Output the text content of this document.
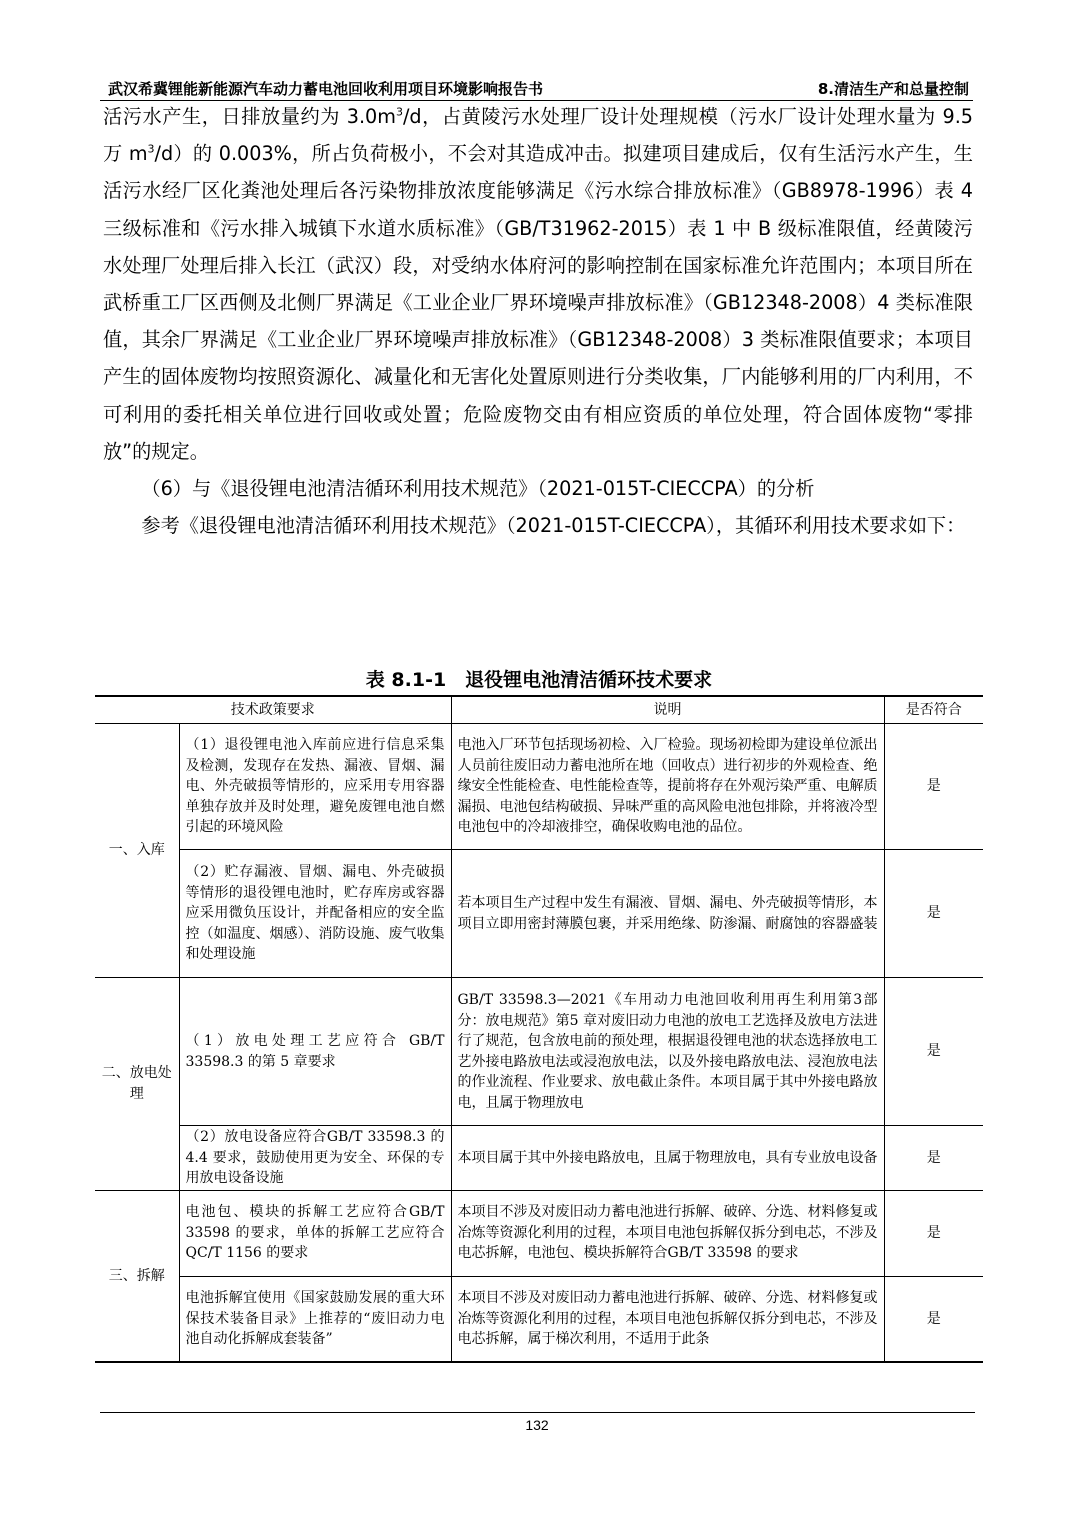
武汉希冀锂能新能源汽车动力蓄电池回收利用项目环境影响报告书	8.清洁生产和总量控制

活污水产生，日排放量约为 $3.0m^3/d$，占黄陵污水处理厂设计处理规模（污水厂设计处理水量为 9.5 万 $m^3/d$）的 0.003%，所占负荷极小，不会对其造成冲击。拟建项目建成后，仅有生活污水产生，生活污水经厂区化粪池处理后各污染物排放浓度能够满足《污水综合排放标准》（GB8978-1996）表 4 三级标准和《污水排入城镇下水道水质标准》（GB/T31962-2015）表 1 中 B 级标准限值，经黄陵污水处理厂处理后排入长江（武汉）段，对受纳水体府河的影响控制在国家标准允许范围内；本项目所在武桥重工厂区西侧及北侧厂界满足《工业企业厂界环境噪声排放标准》（GB12348-2008）4 类标准限值，其余厂界满足《工业企业厂界环境噪声排放标准》（GB12348-2008）3 类标准限值要求；本项目产生的固体废物均按照资源化、减量化和无害化处置原则进行分类收集，厂内能够利用的厂内利用，不可利用的委托相关单位进行回收或处置；危险废物交由有相应资质的单位处理，符合固体废物“零排放”的规定。

（6）与《退役锂电池清洁循环利用技术规范》（2021-015T-CIECCPA）的分析

参考《退役锂电池清洁循环利用技术规范》（2021-015T-CIECCPA），其循环利用技术要求如下：

表 8.1-1　退役锂电池清洁循环技术要求
技术政策要求		说明	是否符合
一、入库	（1）退役锂电池入库前应进行信息采集及检测，发现存在发热、漏液、冒烟、漏电、外壳破损等情形的，应采用专用容器单独存放并及时处理，避免废锂电池自燃引起的环境风险	电池入厂环节包括现场初检、入厂检验。现场初检即为建设单位派出人员前往废旧动力蓄电池所在地（回收点）进行初步的外观检查、绝缘安全性能检查、电性能检查等，提前将存在外观污染严重、电解质漏损、电池包结构破损、异味严重的高风险电池包排除，并将液冷型电池包中的冷却液排空，确保收购电池的品位。	是
	（2）贮存漏液、冒烟、漏电、外壳破损等情形的退役锂电池时，贮存库房或容器应采用微负压设计，并配备相应的安全监控（如温度、烟感）、消防设施、废气收集和处理设施	若本项目生产过程中发生有漏液、冒烟、漏电、外壳破损等情形，本项目立即用密封薄膜包裹，并采用绝缘、防渗漏、耐腐蚀的容器盛装	是
二、放电处理	（1）放电处理工艺应符合 GB/T 33598.3 的第 5 章要求	GB/T 33598.3—2021《车用动力电池回收利用再生利用第3部分：放电规范》第5 章对废旧动力电池的放电工艺选择及放电方法进行了规范，包含放电前的预处理，根据退役锂电池的状态选择放电工艺外接电路放电法或浸泡放电法，以及外接电路放电法、浸泡放电法的作业流程、作业要求、放电截止条件。本项目属于其中外接电路放电，且属于物理放电	是
	（2）放电设备应符合GB/T 33598.3 的4.4 要求，鼓励使用更为安全、环保的专用放电设备设施	本项目属于其中外接电路放电，且属于物理放电，具有专业放电设备	是
三、拆解	电池包、模块的拆解工艺应符合GB/T 33598 的要求，单体的拆解工艺应符合QC/T 1156 的要求	本项目不涉及对废旧动力蓄电池进行拆解、破碎、分选、材料修复或冶炼等资源化利用的过程，本项目电池包拆解仅拆分到电芯，不涉及电芯拆解，电池包、模块拆解符合GB/T 33598 的要求	是
	电池拆解宜使用《国家鼓励发展的重大环保技术装备目录》上推荐的“废旧动力电池自动化拆解成套装备”	本项目不涉及对废旧动力蓄电池进行拆解、破碎、分选、材料修复或冶炼等资源化利用的过程，本项目电池包拆解仅拆分到电芯，不涉及电芯拆解，属于梯次利用，不适用于此条	是
132
